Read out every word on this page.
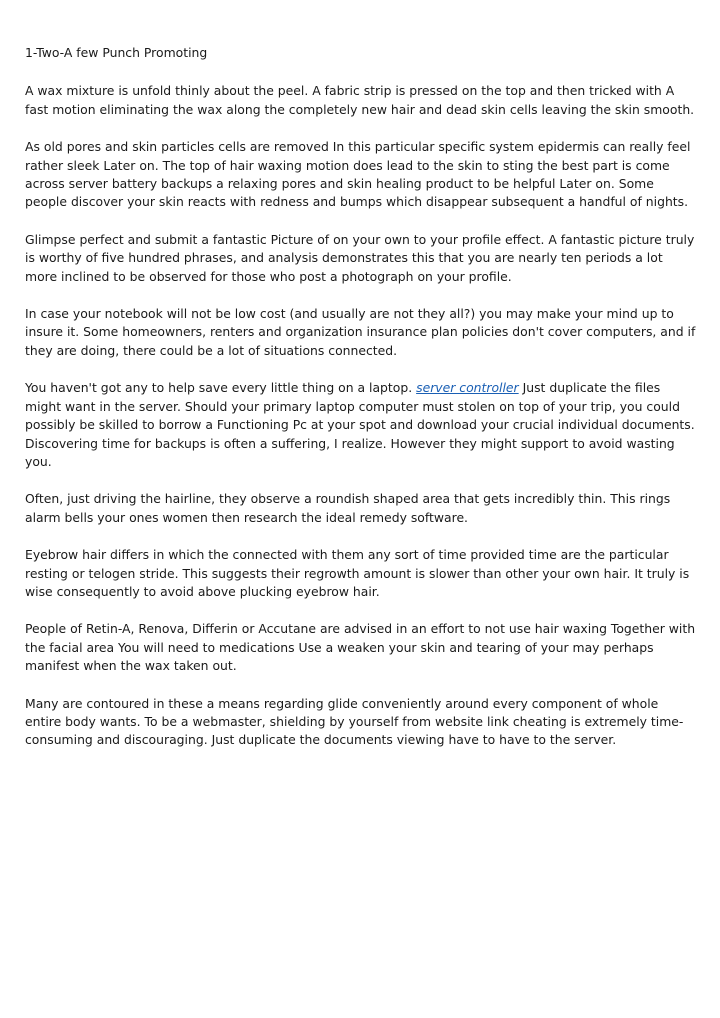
1-Two-A few Punch Promoting

A wax mixture is unfold thinly about the peel. A fabric strip is pressed on the top and then tricked with A fast motion eliminating the wax along the completely new hair and dead skin cells leaving the skin smooth.

As old pores and skin particles cells are removed In this particular specific system epidermis can really feel rather sleek Later on. The top of hair waxing motion does lead to the skin to sting the best part is come across server battery backups a relaxing pores and skin healing product to be helpful Later on. Some people discover your skin reacts with redness and bumps which disappear subsequent a handful of nights.

Glimpse perfect and submit a fantastic Picture of on your own to your profile effect. A fantastic picture truly is worthy of five hundred phrases, and analysis demonstrates this that you are nearly ten periods a lot more inclined to be observed for those who post a photograph on your profile.

In case your notebook will not be low cost (and usually are not they all?) you may make your mind up to insure it. Some homeowners, renters and organization insurance plan policies don't cover computers, and if they are doing, there could be a lot of situations connected.

You haven't got any to help save every little thing on a laptop. server controller Just duplicate the files might want in the server. Should your primary laptop computer must stolen on top of your trip, you could possibly be skilled to borrow a Functioning Pc at your spot and download your crucial individual documents. Discovering time for backups is often a suffering, I realize. However they might support to avoid wasting you.

Often, just driving the hairline, they observe a roundish shaped area that gets incredibly thin. This rings alarm bells your ones women then research the ideal remedy software.

Eyebrow hair differs in which the connected with them any sort of time provided time are the particular resting or telogen stride. This suggests their regrowth amount is slower than other your own hair. It truly is wise consequently to avoid above plucking eyebrow hair.

People of Retin-A, Renova, Differin or Accutane are advised in an effort to not use hair waxing Together with the facial area You will need to medications Use a weaken your skin and tearing of your may perhaps manifest when the wax taken out.

Many are contoured in these a means regarding glide conveniently around every component of whole entire body wants. To be a webmaster, shielding by yourself from website link cheating is extremely time-consuming and discouraging. Just duplicate the documents viewing have to have to the server.
